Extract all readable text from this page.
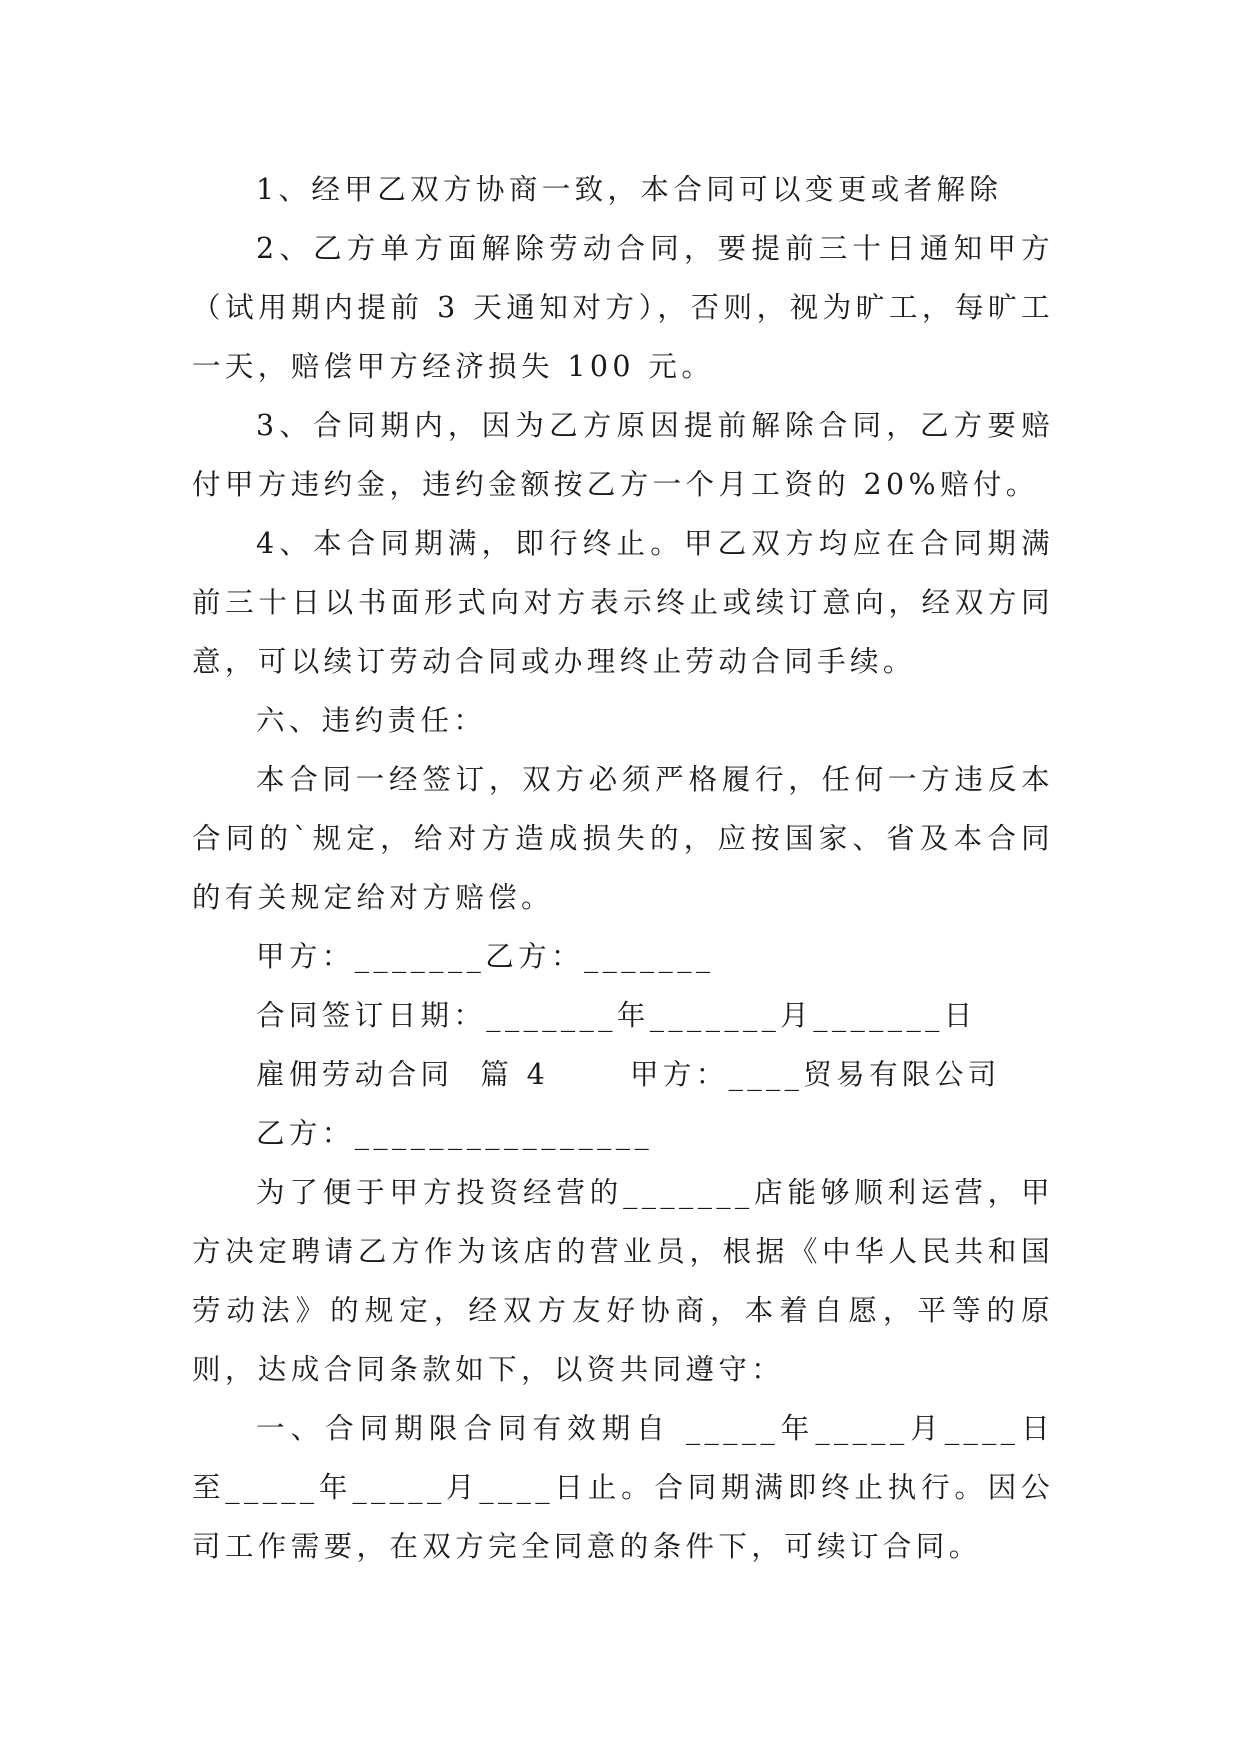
1、经甲乙双方协商一致，本合同可以变更或者解除

2、乙方单方面解除劳动合同，要提前三十日通知甲方（试用期内提前 3 天通知对方），否则，视为旷工，每旷工一天，赔偿甲方经济损失 100 元。

3、合同期内，因为乙方原因提前解除合同，乙方要赔付甲方违约金，违约金额按乙方一个月工资的 20%赔付。

4、本合同期满，即行终止。甲乙双方均应在合同期满前三十日以书面形式向对方表示终止或续订意向，经双方同意，可以续订劳动合同或办理终止劳动合同手续。

六、违约责任：

本合同一经签订，双方必须严格履行，任何一方违反本合同的`规定，给对方造成损失的，应按国家、省及本合同的有关规定给对方赔偿。

甲方：_______乙方：_______

合同签订日期：_______年_______月_______日

雇佣劳动合同  篇 4      甲方：____贸易有限公司

乙方：________________

为了便于甲方投资经营的_______店能够顺利运营，甲方决定聘请乙方作为该店的营业员，根据《中华人民共和国劳动法》的规定，经双方友好协商，本着自愿，平等的原则，达成合同条款如下，以资共同遵守：

一、合同期限合同有效期自 _____年_____月____日至_____年_____月____日止。合同期满即终止执行。因公司工作需要，在双方完全同意的条件下，可续订合同。
